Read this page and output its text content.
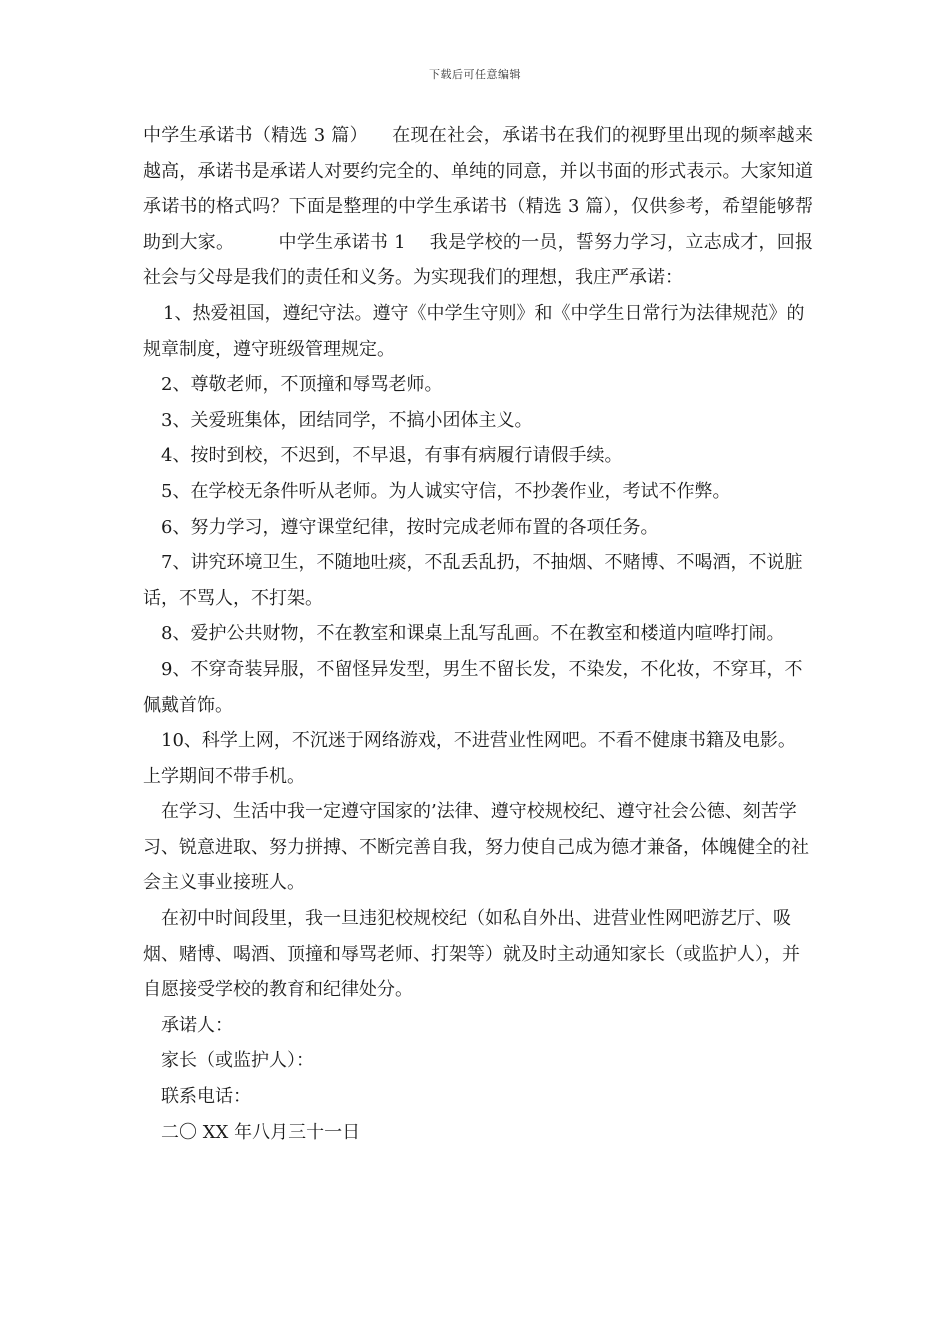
下载后可任意编辑

中学生承诺书（精选 3 篇） 在现在社会，承诺书在我们的视野里出现的频率越来越高，承诺书是承诺人对要约完全的、单纯的同意，并以书面的形式表示。大家知道承诺书的格式吗？下面是整理的中学生承诺书（精选 3 篇），仅供参考，希望能够帮助到大家。 中学生承诺书 1 我是学校的一员，誓努力学习，立志成才，回报社会与父母是我们的责任和义务。为实现我们的理想，我庄严承诺：

1、热爱祖国，遵纪守法。遵守《中学生守则》和《中学生日常行为法律规范》的规章制度，遵守班级管理规定。

2、尊敬老师，不顶撞和辱骂老师。

3、关爱班集体，团结同学，不搞小团体主义。

4、按时到校，不迟到，不早退，有事有病履行请假手续。

5、在学校无条件听从老师。为人诚实守信，不抄袭作业，考试不作弊。

6、努力学习，遵守课堂纪律，按时完成老师布置的各项任务。

7、讲究环境卫生，不随地吐痰，不乱丢乱扔，不抽烟、不赌博、不喝酒，不说脏话，不骂人，不打架。

8、爱护公共财物，不在教室和课桌上乱写乱画。不在教室和楼道内喧哗打闹。

9、不穿奇装异服，不留怪异发型，男生不留长发，不染发，不化妆，不穿耳，不佩戴首饰。

10、科学上网，不沉迷于网络游戏，不进营业性网吧。不看不健康书籍及电影。上学期间不带手机。

在学习、生活中我一定遵守国家的’法律、遵守校规校纪、遵守社会公德、刻苦学习、锐意进取、努力拼搏、不断完善自我，努力使自己成为德才兼备，体魄健全的社会主义事业接班人。

在初中时间段里，我一旦违犯校规校纪（如私自外出、进营业性网吧游艺厅、吸烟、赌博、喝酒、顶撞和辱骂老师、打架等）就及时主动通知家长（或监护人），并自愿接受学校的教育和纪律处分。

承诺人：

家长（或监护人）：

联系电话：

二〇 XX 年八月三十一日
